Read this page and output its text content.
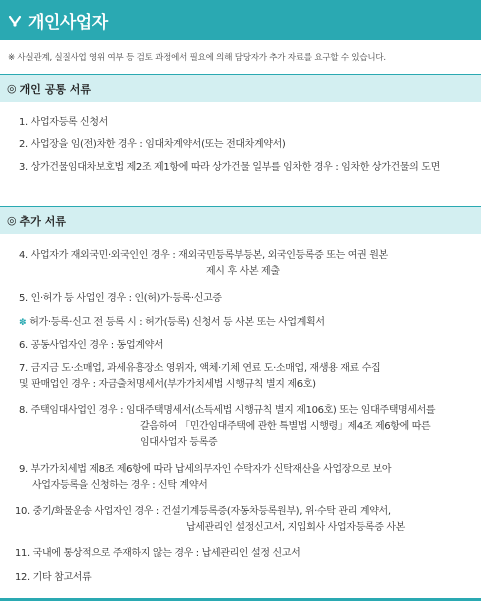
개인사업자
※ 사실관계, 실질사업 영위 여부 등 검토 과정에서 필요에 의해 담당자가 추가 자료를 요구할 수 있습니다.
◎ 개인 공통 서류
1. 사업자등록 신청서
2. 사업장을 임(전)차한 경우 : 임대차계약서(또는 전대차계약서)
3. 상가건물임대차보호법 제2조 제1항에 따라 상가건물 일부를 임차한 경우 : 임차한 상가건물의 도면
◎ 추가 서류
4. 사업자가 재외국민·외국인인 경우 : 재외국민등록부등본, 외국인등록증 또는 여권 원본
제시 후 사본 제출
5. 인·허가 등 사업인 경우 : 인(허)가·등록·신고증
✽ 허가·등록·신고 전 등록 시 : 허가(등록) 신청서 등 사본 또는 사업계획서
6. 공동사업자인 경우 : 동업계약서
7. 금지금 도·소매업, 과세유흥장소 영위자, 액체·기체 연료 도·소매업, 재생용 재료 수집
및 판매업인 경우 : 자금출처명세서(부가가치세법 시행규칙 별지 제6호)
8. 주택임대사업인 경우 : 임대주택명세서(소득세법 시행규칙 별지 제106호) 또는 임대주택명세서를
갈음하여 「민간임대주택에 관한 특별법 시행령」제4조 제6항에 따른
임대사업자 등록증
9. 부가가치세법 제8조 제6항에 따라 납세의무자인 수탁자가 신탁재산을 사업장으로 보아
사업자등록을 신청하는 경우 : 신탁 계약서
10. 중기/화물운송 사업자인 경우 : 건설기계등록증(자동차등록원부), 위·수탁 관리 계약서,
납세관리인 설정신고서, 지입회사 사업자등록증 사본
11. 국내에 통상적으로 주재하지 않는 경우 : 납세관리인 설정 신고서
12. 기타 참고서류
